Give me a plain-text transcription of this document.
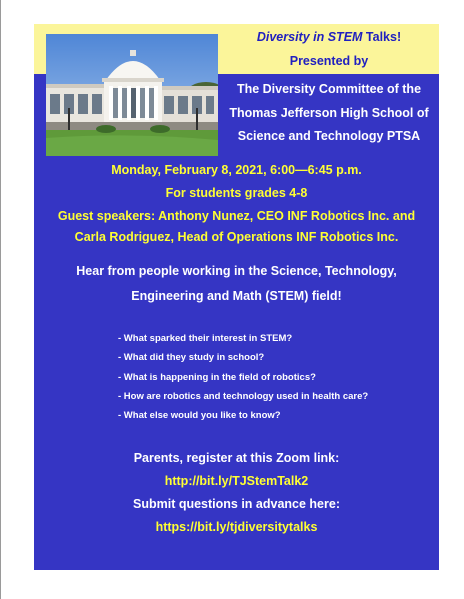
Diversity in STEM Talks!
Presented by
The Diversity Committee of the
Thomas Jefferson High School of
Science and Technology PTSA
Monday, February 8, 2021, 6:00—6:45 p.m.
For students grades 4-8
Guest speakers: Anthony Nunez, CEO INF Robotics Inc. and
Carla Rodriguez, Head of Operations INF Robotics Inc.
Hear from people working in the Science, Technology,
Engineering and Math (STEM) field!
- What sparked their interest in STEM?
- What did they study in school?
- What is happening in the field of robotics?
- How are robotics and technology used in health care?
- What else would you like to know?
Parents, register at this Zoom link:
http://bit.ly/TJStemTalk2
Submit questions in advance here:
https://bit.ly/tjdiversitytalks
